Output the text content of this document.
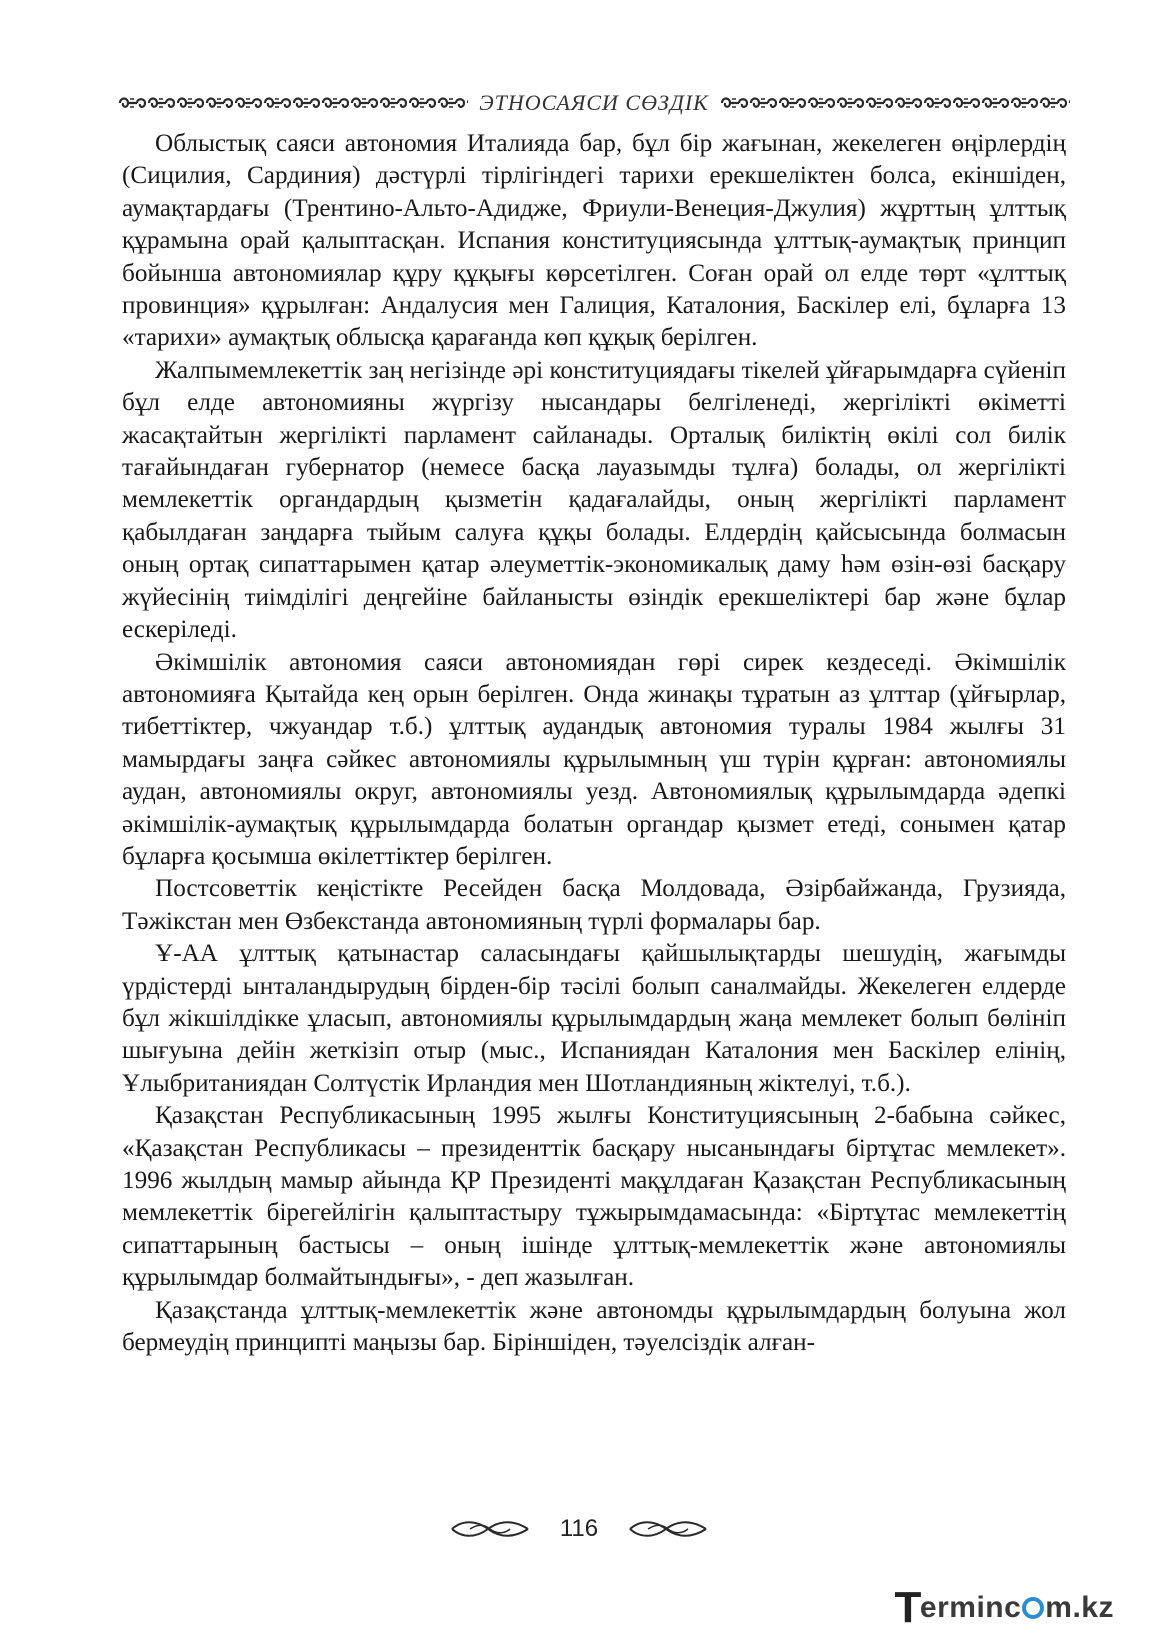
ЭТНОСАЯСИ СӨЗДІК

Облыстық саяси автономия Италияда бар, бұл бір жағынан, жекелеген өңірлердің (Сицилия, Сардиния) дәстүрлі тірлігіндегі тарихи ерекшеліктен болса, екіншіден, аумақтардағы (Трентино-Альто-Адидже, Фриули-Венеция-Джулия) жұрттың ұлттық құрамына орай қалыптасқан. Испания конституциясында ұлттық-аумақтық принцип бойынша автономиялар құру құқығы көрсетілген. Соған орай ол елде төрт «ұлттық провинция» құрылған: Андалусия мен Галиция, Каталония, Баскілер елі, бұларға 13 «тарихи» аумақтық облысқа қарағанда көп құқық берілген.

Жалпымемлекеттік заң негізінде әрі конституциядағы тікелей ұйғарымдарға сүйеніп бұл елде автономияны жүргізу нысандары белгіленеді, жергілікті өкіметті жасақтайтын жергілікті парламент сайланады. Орталық биліктің өкілі сол билік тағайындаған губернатор (немесе басқа лауазымды тұлға) болады, ол жергілікті мемлекеттік органдардың қызметін қадағалайды, оның жергілікті парламент қабылдаған заңдарға тыйым салуға құқы болады. Елдердің қайсысында болмасын оның ортақ сипаттарымен қатар әлеуметтік-экономикалық даму һәм өзін-өзі басқару жүйесінің тиімділігі деңгейіне байланысты өзіндік ерекшеліктері бар және бұлар ескеріледі.

Әкімшілік автономия саяси автономиядан гөрі сирек кездеседі. Әкімшілік автономияға Қытайда кең орын берілген. Онда жинақы тұратын аз ұлттар (ұйғырлар, тибеттіктер, чжуандар т.б.) ұлттық аудандық автономия туралы 1984 жылғы 31 мамырдағы заңға сәйкес автономиялы құрылымның үш түрін құрған: автономиялы аудан, автономиялы округ, автономиялы уезд. Автономиялық құрылымдарда әдепкі әкімшілік-аумақтық құрылымдарда болатын органдар қызмет етеді, сонымен қатар бұларға қосымша өкілеттіктер берілген.

Постсоветтік кеңістікте Ресейден басқа Молдовада, Әзірбайжанда, Грузияда, Тәжікстан мен Өзбекстанда автономияның түрлі формалары бар.

Ұ-АА ұлттық қатынастар саласындағы қайшылықтарды шешудің, жағымды үрдістерді ынталандырудың бірден-бір тәсілі болып саналмайды. Жекелеген елдерде бұл жікшілдікке ұласып, автономиялы құрылымдардың жаңа мемлекет болып бөлініп шығуына дейін жеткізіп отыр (мыс., Испаниядан Каталония мен Баскілер елінің, Ұлыбританиядан Солтүстік Ирландия мен Шотландияның жіктелуі, т.б.).

Қазақстан Республикасының 1995 жылғы Конституциясының 2-бабына сәйкес, «Қазақстан Республикасы – президенттік басқару нысанындағы біртұтас мемлекет». 1996 жылдың мамыр айында ҚР Президенті мақұлдаған Қазақстан Республикасының мемлекеттік бірегейлігін қалыптастыру тұжырымдамасында: «Біртұтас мемлекеттің сипаттарының бастысы – оның ішінде ұлттық-мемлекеттік және автономиялы құрылымдар болмайтындығы», - деп жазылған.

Қазақстанда ұлттық-мемлекеттік және автономды құрылымдардың болуына жол бермеудің принципті маңызы бар. Біріншіден, тәуелсіздік алған-

116
T
erminc m.kz
